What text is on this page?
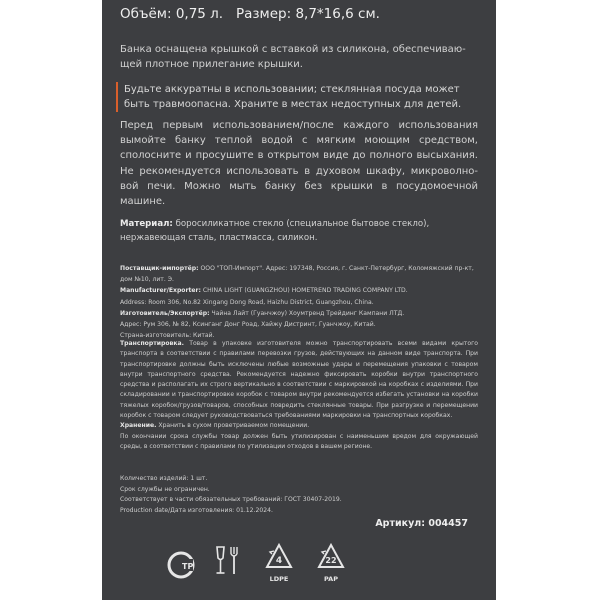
Объём: 0,75 л. Размер: 8,7*16,6 см.
Банка оснащена крышкой с вставкой из силикона, обеспечиваю- щей плотное прилегание крышки.
Будьте аккуратны в использовании; стеклянная посуда может быть травмоопасна. Храните в местах недоступных для детей.
Перед первым использованием/после каждого использования вымойте банку теплой водой с мягким моющим средством, сполосните и просушите в открытом виде до полного высыхания. Не рекомендуется использовать в духовом шкафу, микроволно- вой печи. Можно мыть банку без крышки в посудомоечной машине.
Материал: боросиликатное стекло (специальное бытовое стекло), нержавеющая сталь, пластмасса, силикон.
Поставщик-импортёр: ООО "ТОП-Импорт". Адрес: 197348, Россия, г. Санкт-Петербург, Коломяжский пр-кт, дом №10, лит. Э.
Manufacturer/Exporter: CHINA LIGHT (GUANGZHOU) HOMETREND TRADING COMPANY LTD.
Address: Room 306, No.82 Xingang Dong Road, Haizhu District, Guangzhou, China.
Изготовитель/Экспортёр: Чайна Лайт (Гуанчжоу) Хоумтренд Трейдинг Кампани ЛТД.
Адрес: Рум 306, № 82, Ксинганг Донг Роад, Хайжу Дистринт, Гуанчжоу, Китай.
Страна-изготовитель: Китай.
Транспортировка. Товар в упаковке изготовителя можно транспортировать всеми видами крытого транспорта в соответствии с правилами перевозки грузов, действующих на данном виде транспорта. При транспортировке должны быть исключены любые возможные удары и перемещения упаковки с товаром внутри транспортного средства. Рекомендуется надежно фиксировать коробки внутри транспортного средства и располагать их строго вертикально в соответствии с маркировкой на коробках с изделиями. При складировании и транспортировке коробок с товаром внутри рекомендуется избегать установки на коробки тяжелых коробок/грузов/товаров, способных повредить стеклянные товары. При разгрузке и перемещении коробок с товаром следует руководствоваться требованиями маркировки на транспортных коробках.
Хранение. Хранить в сухом проветриваемом помещении.
По окончании срока службы товар должен быть утилизирован с наименьшим вредом для окружающей среды, в соответствии с правилами по утилизации отходов в вашем регионе.
Количество изделий: 1 шт.
Срок службы не ограничен.
Соответствует в части обязательных требований: ГОСТ 30407-2019.
Production date/Дата изготовления: 01.12.2024.
Артикул: 004457
TP
4
LDPE
22
PAP
